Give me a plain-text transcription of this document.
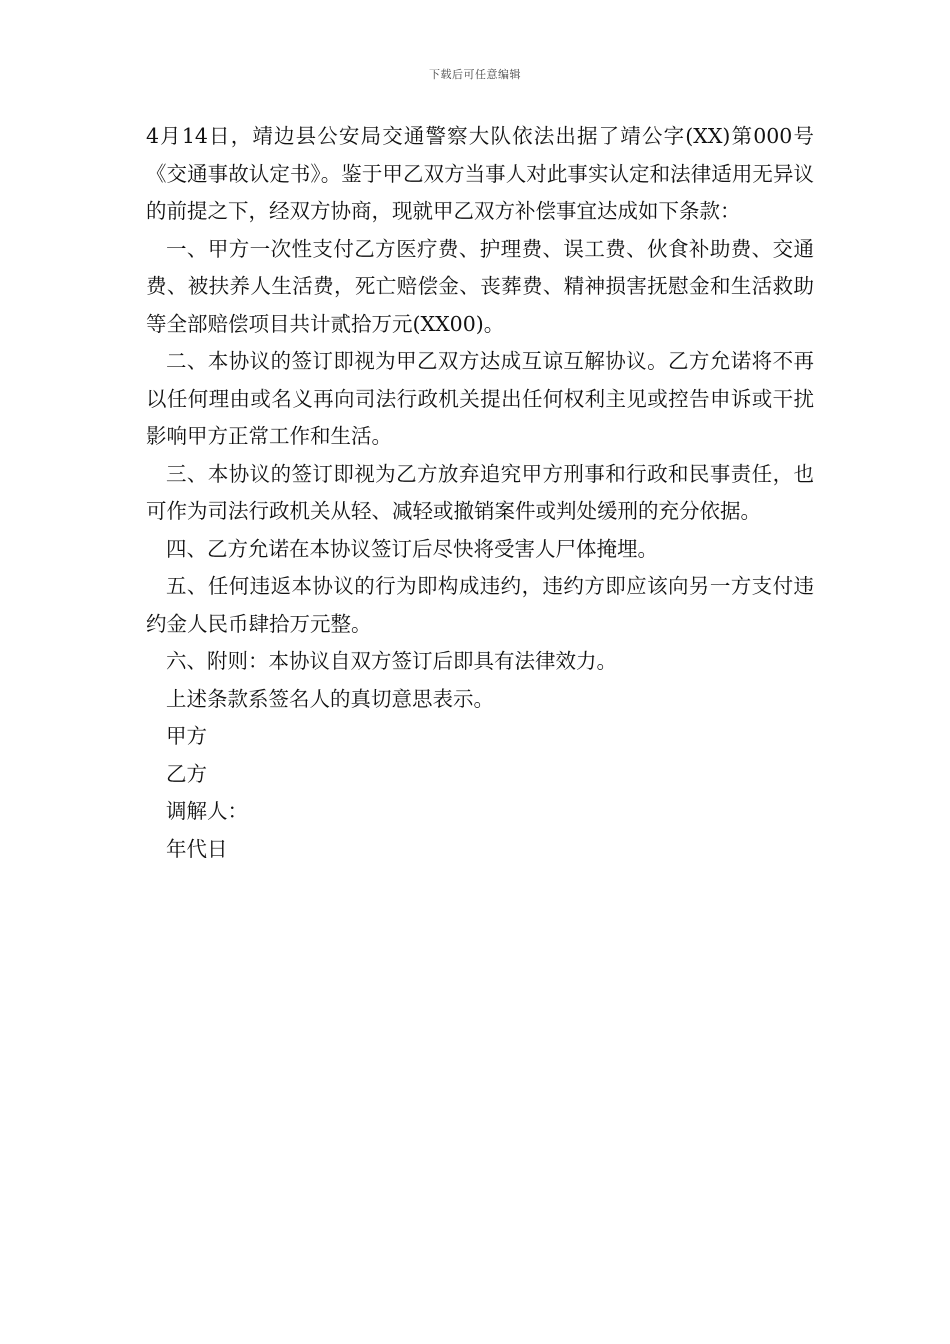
下载后可任意编辑

4月14日，靖边县公安局交通警察大队依法出据了靖公字(XX)第000号《交通事故认定书》。鉴于甲乙双方当事人对此事实认定和法律适用无异议的前提之下，经双方协商，现就甲乙双方补偿事宜达成如下条款：

一、甲方一次性支付乙方医疗费、护理费、误工费、伙食补助费、交通费、被扶养人生活费，死亡赔偿金、丧葬费、精神损害抚慰金和生活救助等全部赔偿项目共计贰拾万元(XX00)。

二、本协议的签订即视为甲乙双方达成互谅互解协议。乙方允诺将不再以任何理由或名义再向司法行政机关提出任何权利主见或控告申诉或干扰影响甲方正常工作和生活。

三、本协议的签订即视为乙方放弃追究甲方刑事和行政和民事责任，也可作为司法行政机关从轻、减轻或撤销案件或判处缓刑的充分依据。

四、乙方允诺在本协议签订后尽快将受害人尸体掩埋。

五、任何违返本协议的行为即构成违约，违约方即应该向另一方支付违约金人民币肆拾万元整。

六、附则：本协议自双方签订后即具有法律效力。

上述条款系签名人的真切意思表示。

甲方

乙方

调解人：

年代日
